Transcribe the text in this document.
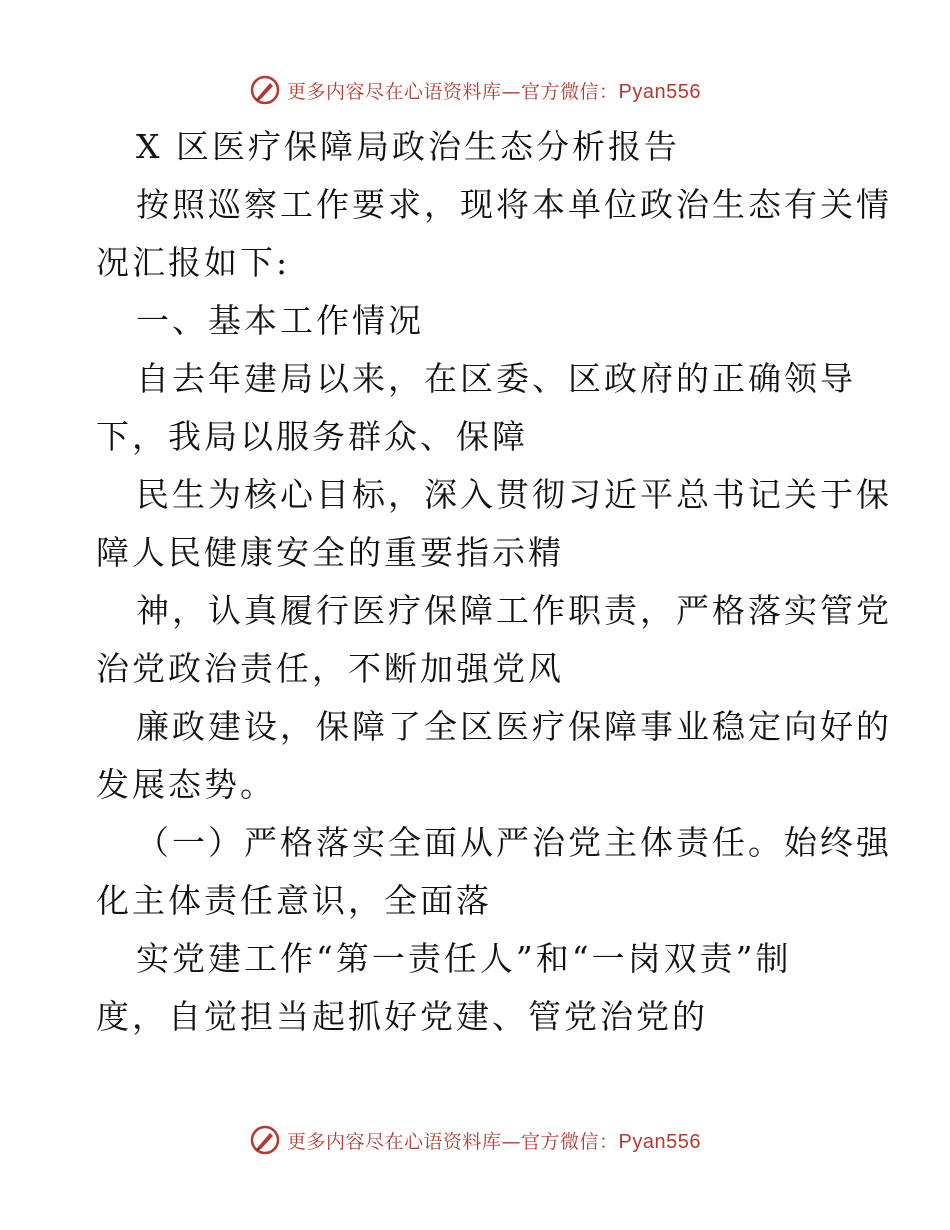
更多内容尽在心语资料库—官方微信：Pyan556
X 区医疗保障局政治生态分析报告
按照巡察工作要求，现将本单位政治生态有关情
况汇报如下:
一、基本工作情况
自去年建局以来，在区委、区政府的正确领导
下，我局以服务群众、保障
民生为核心目标，深入贯彻习近平总书记关于保
障人民健康安全的重要指示精
神，认真履行医疗保障工作职责，严格落实管党
治党政治责任，不断加强党风
廉政建设，保障了全区医疗保障事业稳定向好的
发展态势。
（一）严格落实全面从严治党主体责任。始终强
化主体责任意识，全面落
实党建工作“第一责任人”和“一岗双责”制
度，自觉担当起抓好党建、管党治党的
更多内容尽在心语资料库—官方微信：Pyan556
